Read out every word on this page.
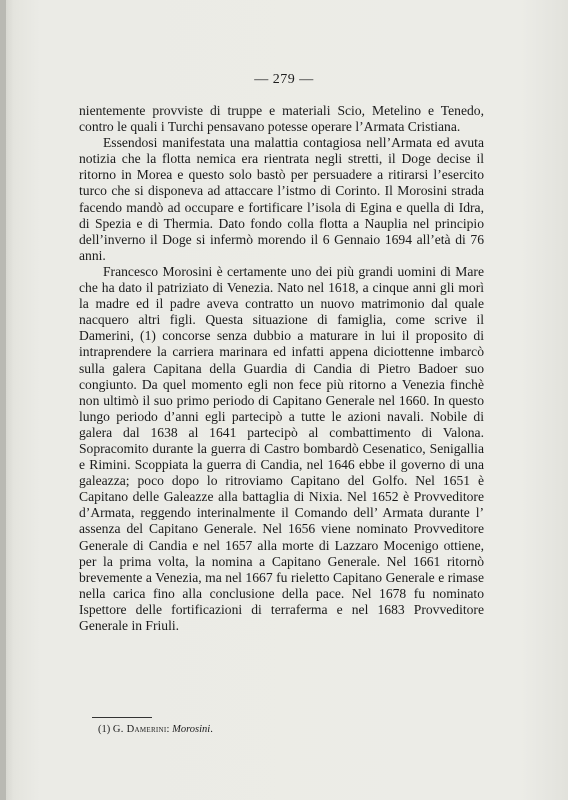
— 279 —

nientemente provviste di truppe e materiali Scio, Metelino e Tenedo, contro le quali i Turchi pensavano potesse operare l’Armata Cristiana.

Essendosi manifestata una malattia contagiosa nell’Armata ed avuta notizia che la flotta nemica era rientrata negli stretti, il Doge decise il ritorno in Morea e questo solo bastò per persuadere a ritirarsi l’esercito turco che si disponeva ad attaccare l’istmo di Corinto. Il Morosini strada facendo mandò ad occupare e fortificare l’isola di Egina e quella di Idra, di Spezia e di Thermia. Dato fondo colla flotta a Nauplia nel principio dell’inverno il Doge si infermò morendo il 6 Gennaio 1694 all’età di 76 anni.

Francesco Morosini è certamente uno dei più grandi uomini di Mare che ha dato il patriziato di Venezia. Nato nel 1618, a cinque anni gli morì la madre ed il padre aveva contratto un nuovo matrimonio dal quale nacquero altri figli. Questa situazione di famiglia, come scrive il Damerini, (1) concorse senza dubbio a maturare in lui il proposito di intraprendere la carriera marinara ed infatti appena diciottenne imbarcò sulla galera Capitana della Guardia di Candia di Pietro Badoer suo congiunto. Da quel momento egli non fece più ritorno a Venezia finchè non ultimò il suo primo periodo di Capitano Generale nel 1660. In questo lungo periodo d’anni egli partecipò a tutte le azioni navali. Nobile di galera dal 1638 al 1641 partecipò al combattimento di Valona. Sopracomito durante la guerra di Castro bombardò Cesenatico, Senigallia e Rimini. Scoppiata la guerra di Candia, nel 1646 ebbe il governo di una galeazza; poco dopo lo ritroviamo Capitano del Golfo. Nel 1651 è Capitano delle Galeazze alla battaglia di Nixia. Nel 1652 è Provveditore d’Armata, reggendo interinalmente il Comando dell’ Armata durante l’ assenza del Capitano Generale. Nel 1656 viene nominato Provveditore Generale di Candia e nel 1657 alla morte di Lazzaro Mocenigo ottiene, per la prima volta, la nomina a Capitano Generale. Nel 1661 ritornò brevemente a Venezia, ma nel 1667 fu rieletto Capitano Generale e rimase nella carica fino alla conclusione della pace. Nel 1678 fu nominato Ispettore delle fortificazioni di terraferma e nel 1683 Provveditore Generale in Friuli.

(1) G. Damerini: Morosini.
